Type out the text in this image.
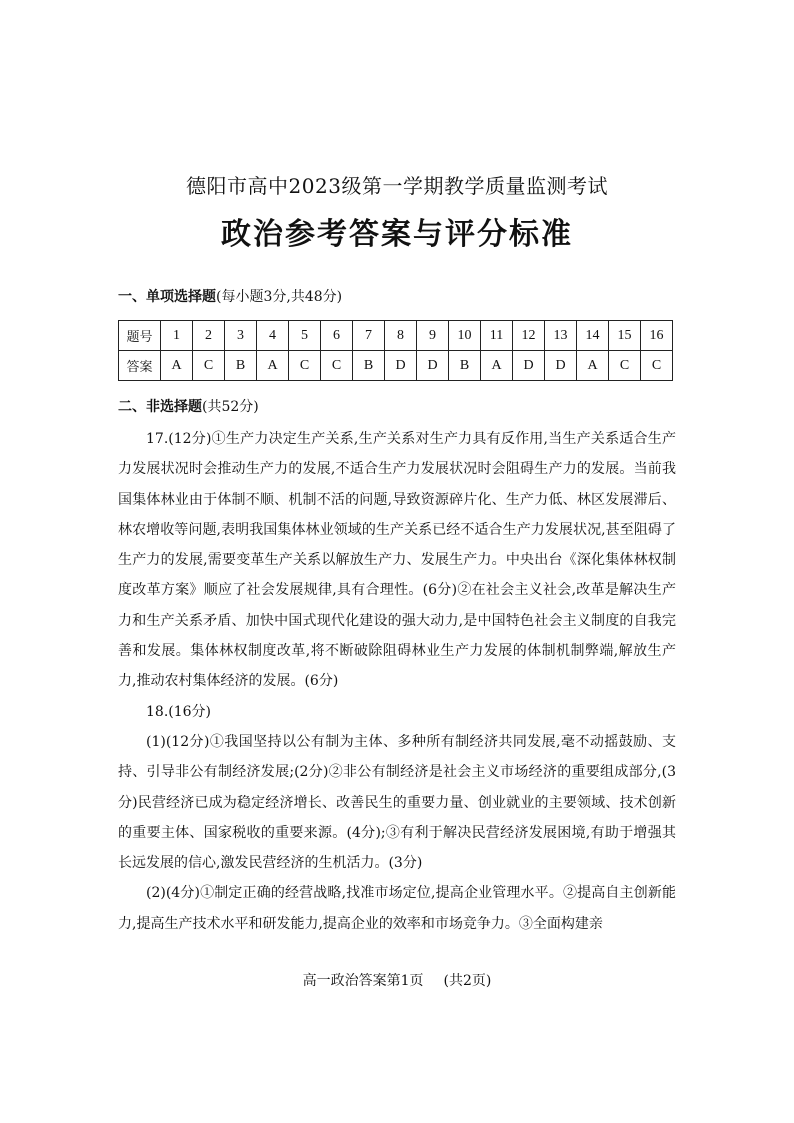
德阳市高中2023级第一学期教学质量监测考试
政治参考答案与评分标准
一、单项选择题(每小题3分,共48分)
题号	1	2	3	4	5	6	7	8	9	10	11	12	13	14	15	16
答案	A	C	B	A	C	C	B	D	D	B	A	D	D	A	C	C
二、非选择题(共52分)

17.(12分)①生产力决定生产关系,生产关系对生产力具有反作用,当生产关系适合生产力发展状况时会推动生产力的发展,不适合生产力发展状况时会阻碍生产力的发展。当前我国集体林业由于体制不顺、机制不活的问题,导致资源碎片化、生产力低、林区发展滞后、林农增收等问题,表明我国集体林业领域的生产关系已经不适合生产力发展状况,甚至阻碍了生产力的发展,需要变革生产关系以解放生产力、发展生产力。中央出台《深化集体林权制度改革方案》顺应了社会发展规律,具有合理性。(6分)②在社会主义社会,改革是解决生产力和生产关系矛盾、加快中国式现代化建设的强大动力,是中国特色社会主义制度的自我完善和发展。集体林权制度改革,将不断破除阻碍林业生产力发展的体制机制弊端,解放生产力,推动农村集体经济的发展。(6分)

18.(16分)

(1)(12分)①我国坚持以公有制为主体、多种所有制经济共同发展,毫不动摇鼓励、支持、引导非公有制经济发展;(2分)②非公有制经济是社会主义市场经济的重要组成部分,(3分)民营经济已成为稳定经济增长、改善民生的重要力量、创业就业的主要领域、技术创新的重要主体、国家税收的重要来源。(4分);③有利于解决民营经济发展困境,有助于增强其长远发展的信心,激发民营经济的生机活力。(3分)

(2)(4分)①制定正确的经营战略,找准市场定位,提高企业管理水平。②提高自主创新能力,提高生产技术水平和研发能力,提高企业的效率和市场竞争力。③全面构建亲

高一政治答案第1页 (共2页)
